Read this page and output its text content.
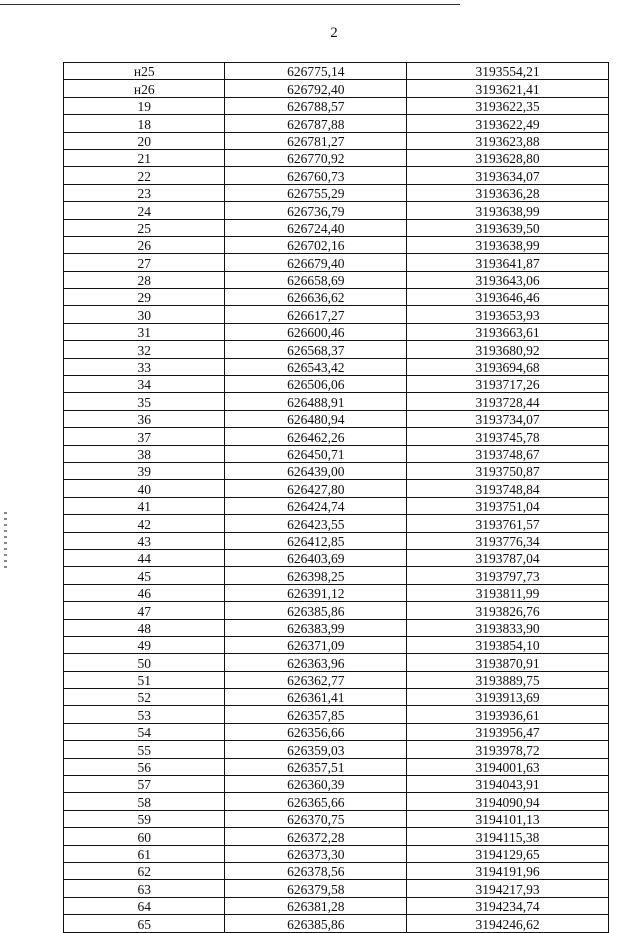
2
н25	626775,14	3193554,21
н26	626792,40	3193621,41
19	626788,57	3193622,35
18	626787,88	3193622,49
20	626781,27	3193623,88
21	626770,92	3193628,80
22	626760,73	3193634,07
23	626755,29	3193636,28
24	626736,79	3193638,99
25	626724,40	3193639,50
26	626702,16	3193638,99
27	626679,40	3193641,87
28	626658,69	3193643,06
29	626636,62	3193646,46
30	626617,27	3193653,93
31	626600,46	3193663,61
32	626568,37	3193680,92
33	626543,42	3193694,68
34	626506,06	3193717,26
35	626488,91	3193728,44
36	626480,94	3193734,07
37	626462,26	3193745,78
38	626450,71	3193748,67
39	626439,00	3193750,87
40	626427,80	3193748,84
41	626424,74	3193751,04
42	626423,55	3193761,57
43	626412,85	3193776,34
44	626403,69	3193787,04
45	626398,25	3193797,73
46	626391,12	3193811,99
47	626385,86	3193826,76
48	626383,99	3193833,90
49	626371,09	3193854,10
50	626363,96	3193870,91
51	626362,77	3193889,75
52	626361,41	3193913,69
53	626357,85	3193936,61
54	626356,66	3193956,47
55	626359,03	3193978,72
56	626357,51	3194001,63
57	626360,39	3194043,91
58	626365,66	3194090,94
59	626370,75	3194101,13
60	626372,28	3194115,38
61	626373,30	3194129,65
62	626378,56	3194191,96
63	626379,58	3194217,93
64	626381,28	3194234,74
65	626385,86	3194246,62
